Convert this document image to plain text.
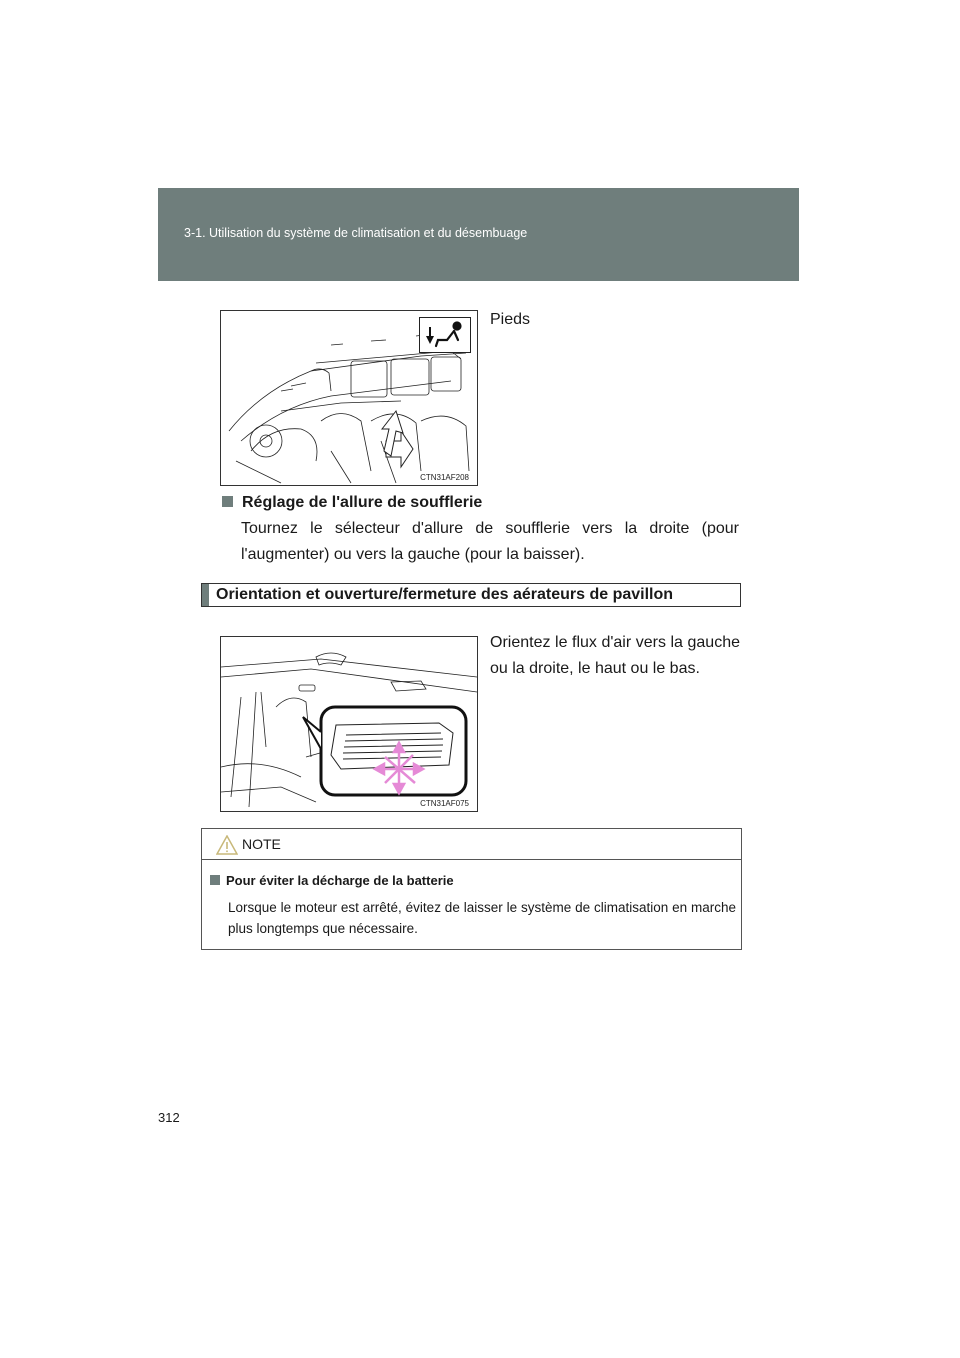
3-1. Utilisation du système de climatisation et du désembuage
CTN31AF208
Pieds
Réglage de l'allure de soufflerie
Tournez le sélecteur d'allure de soufflerie vers la droite (pour l'augmenter) ou vers la gauche (pour la baisser).
Orientation et ouverture/fermeture des aérateurs de pavillon
CTN31AF075
Orientez le flux d'air vers la gauche ou la droite, le haut ou le bas.
NOTE
Pour éviter la décharge de la batterie
Lorsque le moteur est arrêté, évitez de laisser le système de climatisation en marche plus longtemps que nécessaire.
312
